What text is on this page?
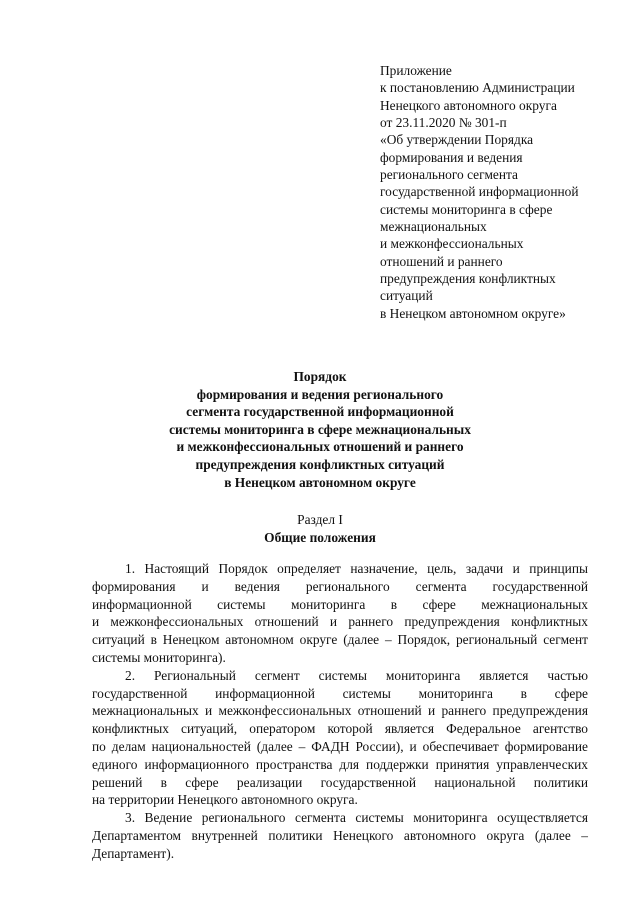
Приложение
к постановлению Администрации
Ненецкого автономного округа
от 23.11.2020 № 301-п
«Об утверждении Порядка
формирования и ведения
регионального сегмента
государственной информационной
системы мониторинга в сфере
межнациональных
и межконфессиональных
отношений и раннего
предупреждения конфликтных
ситуаций
в Ненецком автономном округе»
Порядок
формирования и ведения регионального
сегмента государственной информационной
системы мониторинга в сфере межнациональных
и межконфессиональных отношений и раннего
предупреждения конфликтных ситуаций
в Ненецком автономном округе
Раздел I
Общие положения
1. Настоящий Порядок определяет назначение, цель, задачи и принципы
формирования и ведения регионального сегмента государственной
информационной системы мониторинга в сфере межнациональных
и межконфессиональных отношений и раннего предупреждения конфликтных
ситуаций в Ненецком автономном округе (далее – Порядок, региональный сегмент
системы мониторинга).
2. Региональный сегмент системы мониторинга является частью
государственной информационной системы мониторинга в сфере
межнациональных и межконфессиональных отношений и раннего предупреждения
конфликтных ситуаций, оператором которой является Федеральное агентство
по делам национальностей (далее – ФАДН России), и обеспечивает формирование
единого информационного пространства для поддержки принятия управленческих
решений в сфере реализации государственной национальной политики
на территории Ненецкого автономного округа.
3. Ведение регионального сегмента системы мониторинга осуществляется
Департаментом внутренней политики Ненецкого автономного округа (далее –
Департамент).
